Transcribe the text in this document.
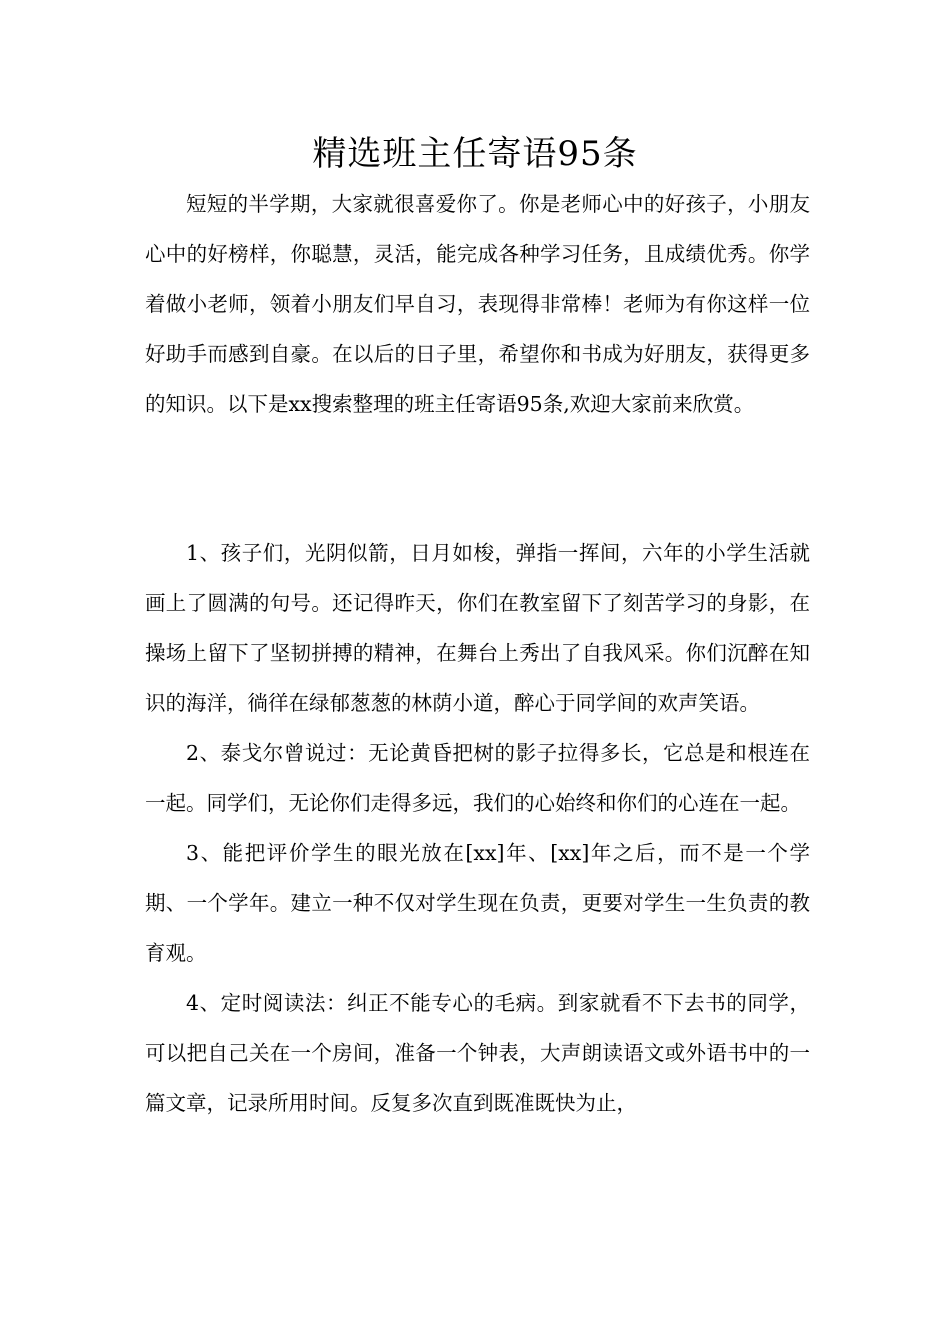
精选班主任寄语95条

短短的半学期，大家就很喜爱你了。你是老师心中的好孩子，小朋友心中的好榜样，你聪慧，灵活，能完成各种学习任务，且成绩优秀。你学着做小老师，领着小朋友们早自习，表现得非常棒！老师为有你这样一位好助手而感到自豪。在以后的日子里，希望你和书成为好朋友，获得更多的知识。以下是xx搜索整理的班主任寄语95条,欢迎大家前来欣赏。

1、孩子们，光阴似箭，日月如梭，弹指一挥间，六年的小学生活就画上了圆满的句号。还记得昨天，你们在教室留下了刻苦学习的身影，在操场上留下了坚韧拼搏的精神，在舞台上秀出了自我风采。你们沉醉在知识的海洋，徜徉在绿郁葱葱的林荫小道，醉心于同学间的欢声笑语。

2、泰戈尔曾说过：无论黄昏把树的影子拉得多长，它总是和根连在一起。同学们，无论你们走得多远，我们的心始终和你们的心连在一起。

3、能把评价学生的眼光放在[xx]年、[xx]年之后，而不是一个学期、一个学年。建立一种不仅对学生现在负责，更要对学生一生负责的教育观。

4、定时阅读法：纠正不能专心的毛病。到家就看不下去书的同学，可以把自己关在一个房间，准备一个钟表，大声朗读语文或外语书中的一篇文章，记录所用时间。反复多次直到既准既快为止，
